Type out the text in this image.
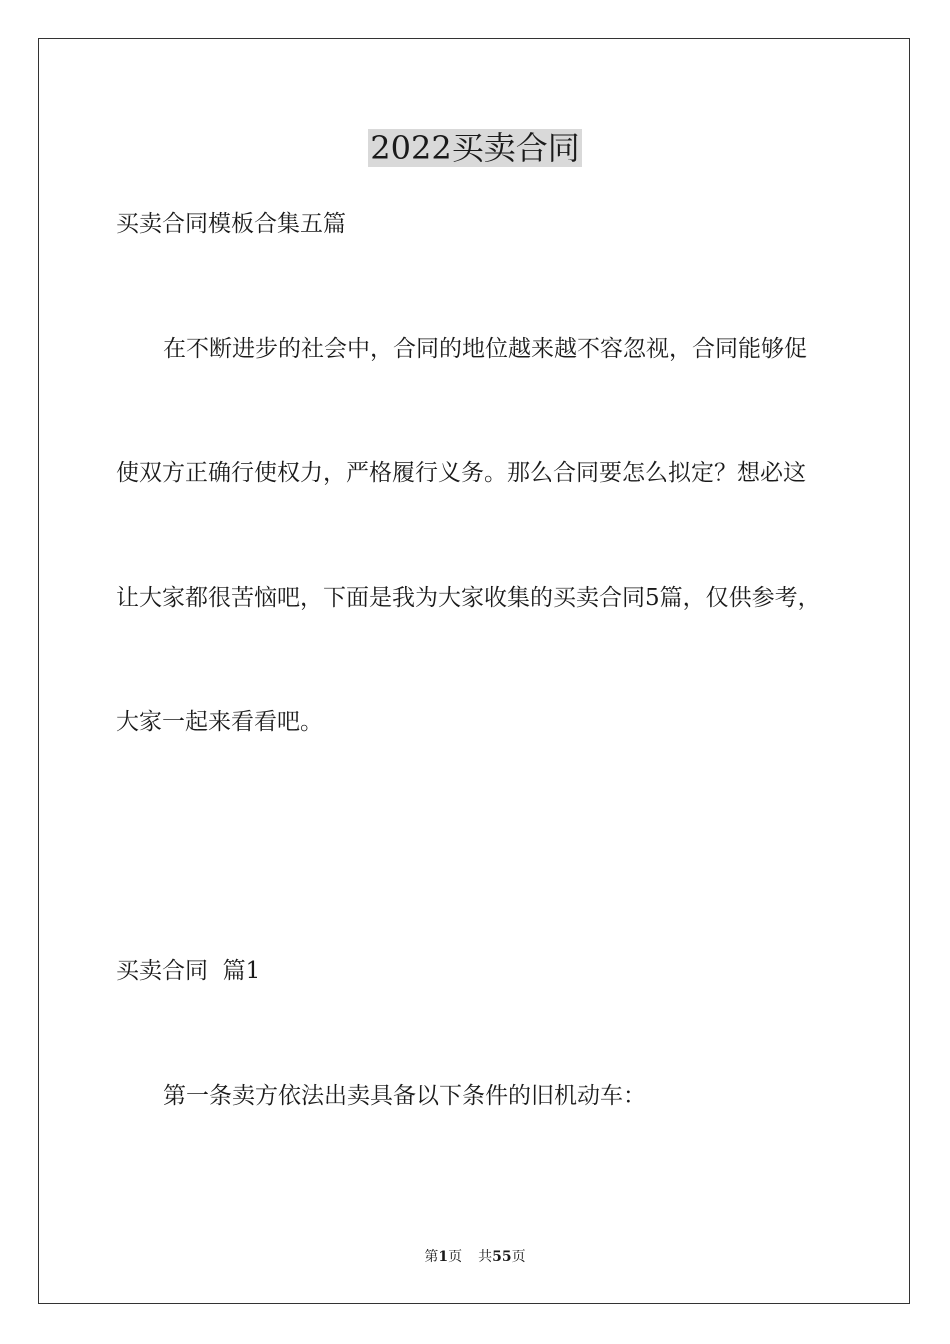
2022买卖合同

买卖合同模板合集五篇

在不断进步的社会中，合同的地位越来越不容忽视，合同能够促

使双方正确行使权力，严格履行义务。那么合同要怎么拟定？想必这

让大家都很苦恼吧，下面是我为大家收集的买卖合同5篇，仅供参考，

大家一起来看看吧。

买卖合同  篇1

第一条卖方依法出卖具备以下条件的旧机动车：

第1页 共55页
